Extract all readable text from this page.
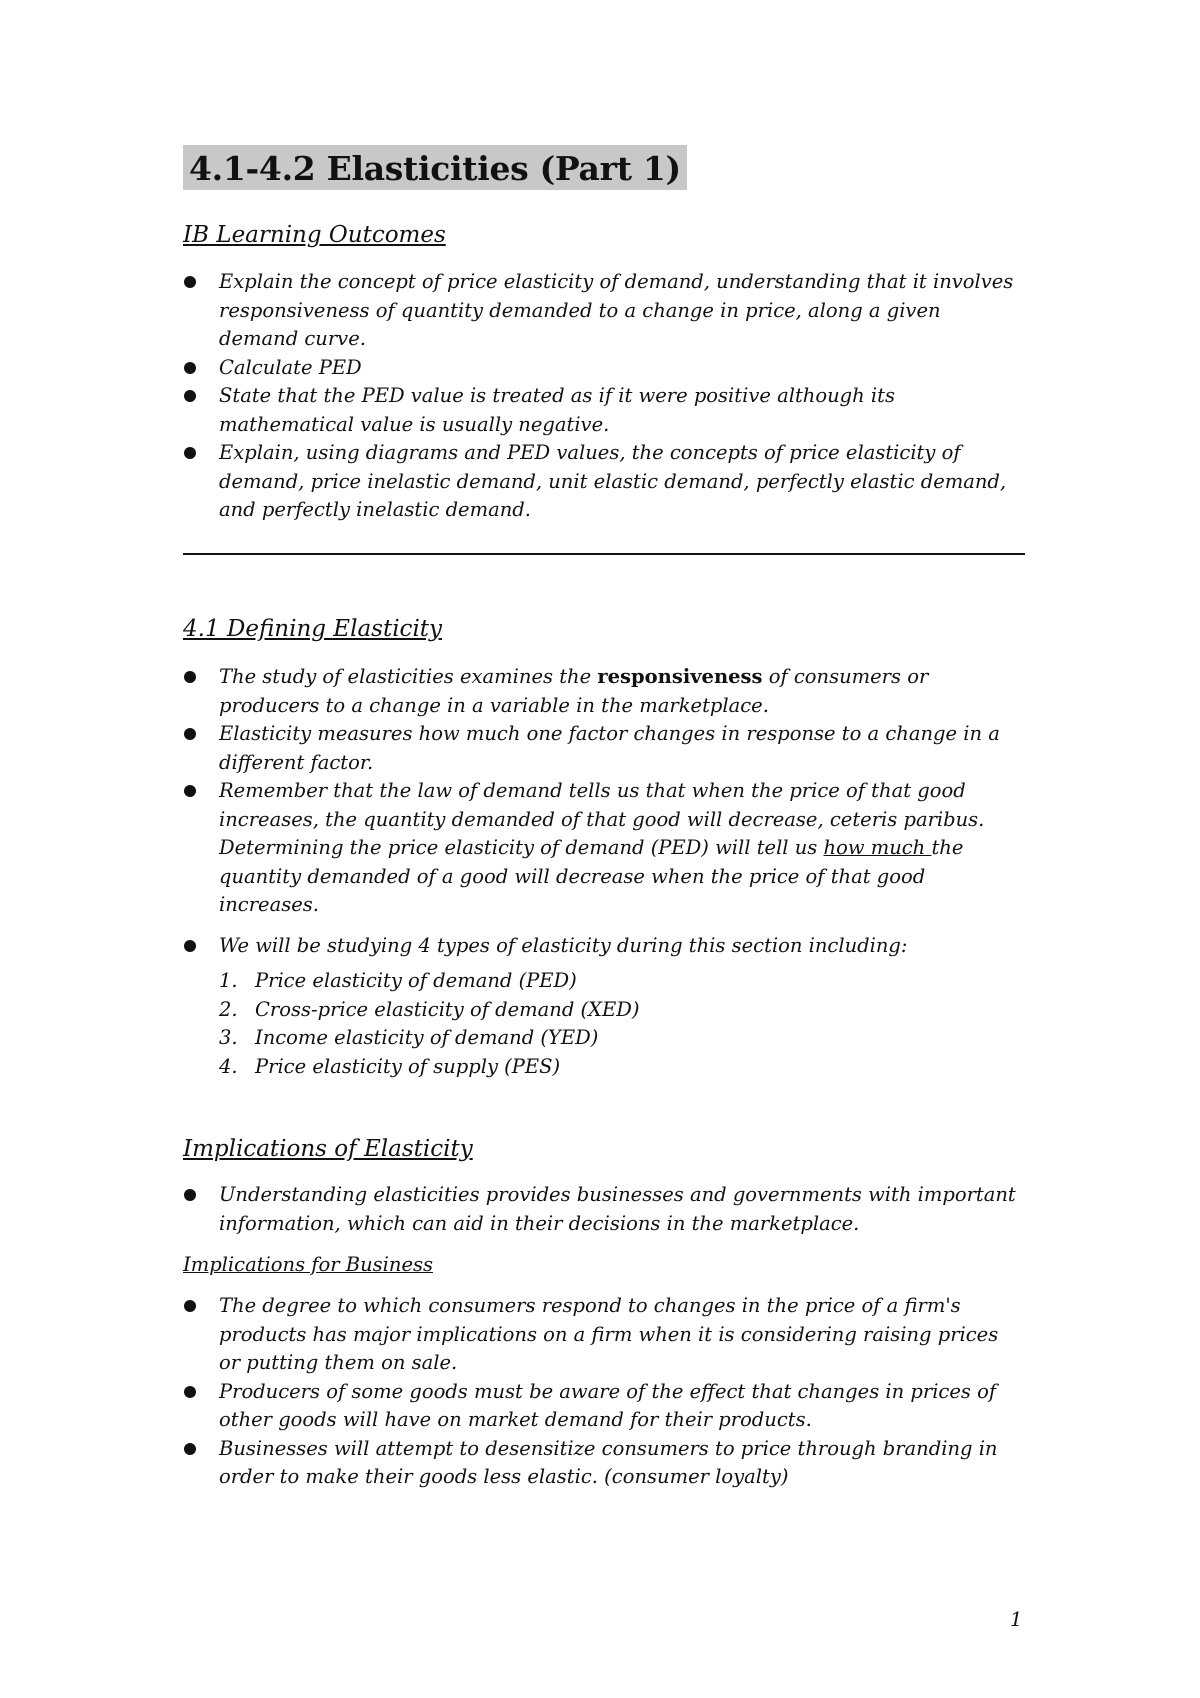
4.1-4.2 Elasticities (Part 1)
IB Learning Outcomes
Explain the concept of price elasticity of demand, understanding that it involves
responsiveness of quantity demanded to a change in price, along a given
demand curve.
Calculate PED
State that the PED value is treated as if it were positive although its
mathematical value is usually negative.
Explain, using diagrams and PED values, the concepts of price elasticity of
demand, price inelastic demand, unit elastic demand, perfectly elastic demand,
and perfectly inelastic demand.
4.1 Defining Elasticity
The study of elasticities examines the responsiveness of consumers or
producers to a change in a variable in the marketplace.
Elasticity measures how much one factor changes in response to a change in a
different factor.
Remember that the law of demand tells us that when the price of that good
increases, the quantity demanded of that good will decrease, ceteris paribus.
Determining the price elasticity of demand (PED) will tell us how much the
quantity demanded of a good will decrease when the price of that good
increases.
We will be studying 4 types of elasticity during this section including:
1. Price elasticity of demand (PED)
2. Cross-price elasticity of demand (XED)
3. Income elasticity of demand (YED)
4. Price elasticity of supply (PES)
Implications of Elasticity
Understanding elasticities provides businesses and governments with important
information, which can aid in their decisions in the marketplace.
Implications for Business
The degree to which consumers respond to changes in the price of a firm's
products has major implications on a firm when it is considering raising prices
or putting them on sale.
Producers of some goods must be aware of the effect that changes in prices of
other goods will have on market demand for their products.
Businesses will attempt to desensitize consumers to price through branding in
order to make their goods less elastic. (consumer loyalty)

1
